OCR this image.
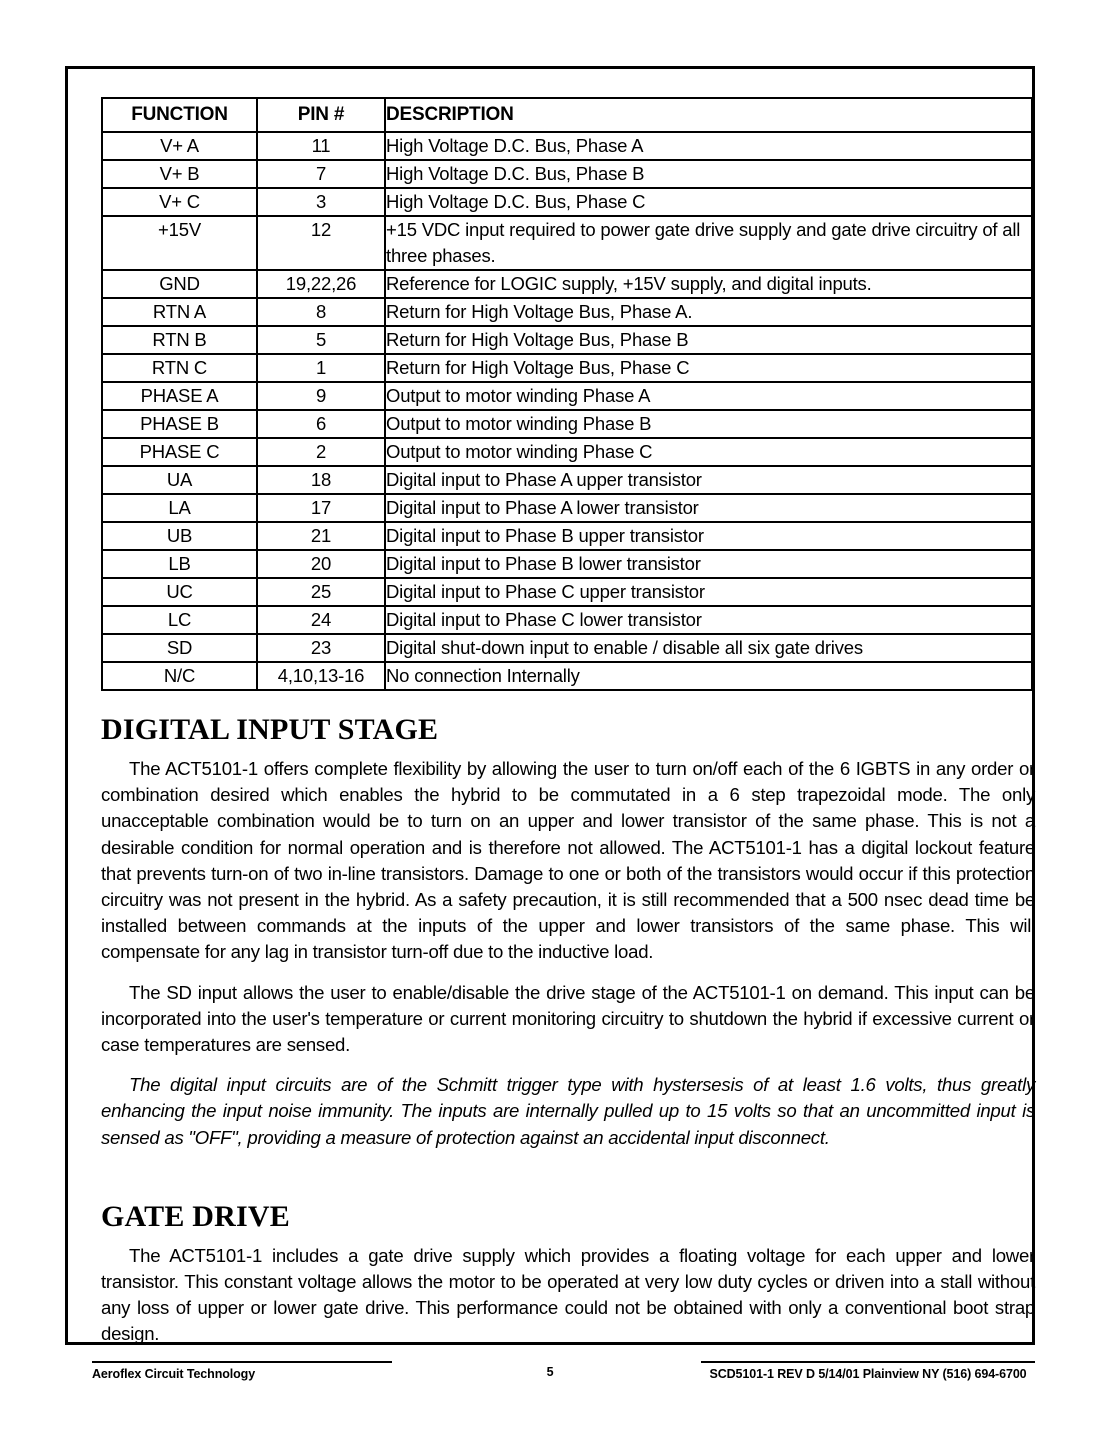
FUNCTION	PIN #	DESCRIPTION
V+ A	11	High Voltage D.C. Bus, Phase A
V+ B	7	High Voltage D.C. Bus, Phase B
V+ C	3	High Voltage D.C. Bus, Phase C
+15V	12	+15 VDC input required to power gate drive supply and gate drive circuitry of all three phases.
GND	19,22,26	Reference for LOGIC supply, +15V supply, and digital inputs.
RTN A	8	Return for High Voltage Bus, Phase A.
RTN B	5	Return for High Voltage Bus, Phase B
RTN C	1	Return for High Voltage Bus, Phase C
PHASE A	9	Output to motor winding Phase A
PHASE B	6	Output to motor winding Phase B
PHASE C	2	Output to motor winding Phase C
UA	18	Digital input to Phase A upper transistor
LA	17	Digital input to Phase A lower transistor
UB	21	Digital input to Phase B upper transistor
LB	20	Digital input to Phase B lower transistor
UC	25	Digital input to Phase C upper transistor
LC	24	Digital input to Phase C lower transistor
SD	23	Digital shut-down input to enable / disable all six gate drives
N/C	4,10,13-16	No connection Internally
DIGITAL INPUT STAGE

The ACT5101-1 offers complete flexibility by allowing the user to turn on/off each of the 6 IGBTS in any order or combination desired which enables the hybrid to be commutated in a 6 step trapezoidal mode. The only unacceptable combination would be to turn on an upper and lower transistor of the same phase. This is not a desirable condition for normal operation and is therefore not allowed. The ACT5101-1 has a digital lockout feature that prevents turn-on of two in-line transistors. Damage to one or both of the transistors would occur if this protection circuitry was not present in the hybrid. As a safety precaution, it is still recommended that a 500 nsec dead time be installed between commands at the inputs of the upper and lower transistors of the same phase. This will compensate for any lag in transistor turn-off due to the inductive load.

The SD input allows the user to enable/disable the drive stage of the ACT5101-1 on demand. This input can be incorporated into the user's temperature or current monitoring circuitry to shutdown the hybrid if excessive current or case temperatures are sensed.

The digital input circuits are of the Schmitt trigger type with hystersesis of at least 1.6 volts, thus greatly enhancing the input noise immunity. The inputs are internally pulled up to 15 volts so that an uncommitted input is sensed as "OFF", providing a measure of protection against an accidental input disconnect.

GATE DRIVE

The ACT5101-1 includes a gate drive supply which provides a floating voltage for each upper and lower transistor. This constant voltage allows the motor to be operated at very low duty cycles or driven into a stall without any loss of upper or lower gate drive. This performance could not be obtained with only a conventional boot strap design.

Aeroflex Circuit Technology	5	SCD5101-1 REV D 5/14/01 Plainview NY (516) 694-6700
